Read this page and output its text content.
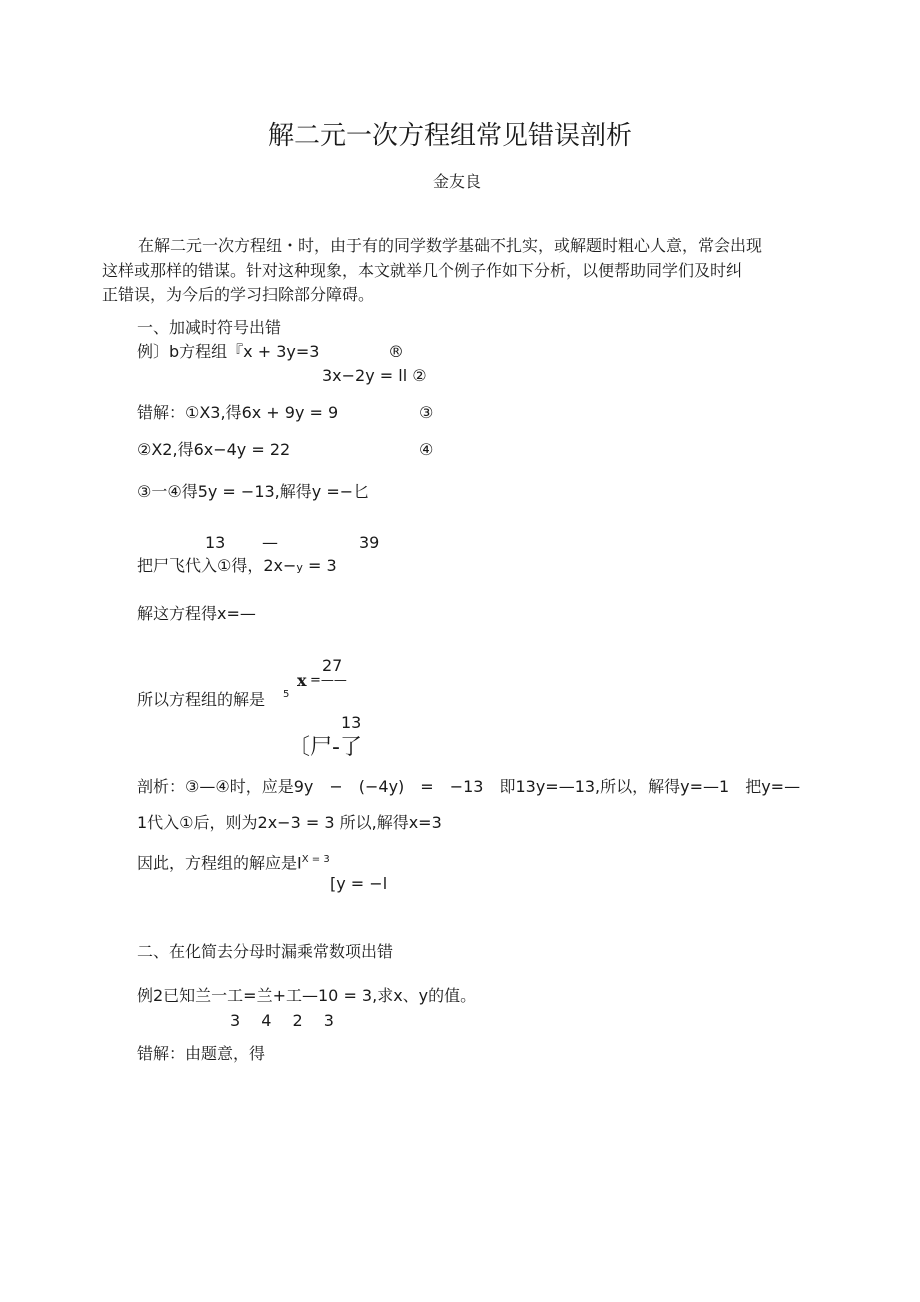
解二元一次方程组常见错误剖析
金友良
在解二元一次方程纽・时，由于有的同学数学基础不扎实，或解题时粗心人意，常会出现
这样或那样的错谋。针对这种现象，本文就举几个例子作如下分析，以便帮助同学们及时纠
正错误，为今后的学习扫除部分障碍。
一、加减时符号出错
例〕b方程组『x + 3y=3	®
3x−2y = ll ②
错解：①X3,得6x + 9y = 9	③
②X2,得6x−4y = 22	④
③一④得5y = −13,解得y =−匕
13 —	39
把尸飞代入①得，2x−y = 3
解这方程得x=—
27
x =——
所以方程组的解是 5
13
〔尸-了
剖析：③—④时，应是9y　−　(−4y)　=　−13　即13y=—13,所以，解得y=—1　把y=—
1代入①后，则为2x−3 = 3 所以,解得x=3
因此，方程组的解应是$I^{X = 3}$
[y = −l
二、在化简去分母时漏乘常数项出错
例2已知兰一工=兰+工—10 = 3,求x、y的值。
3　 4　 2　 3
错解：由题意，得
